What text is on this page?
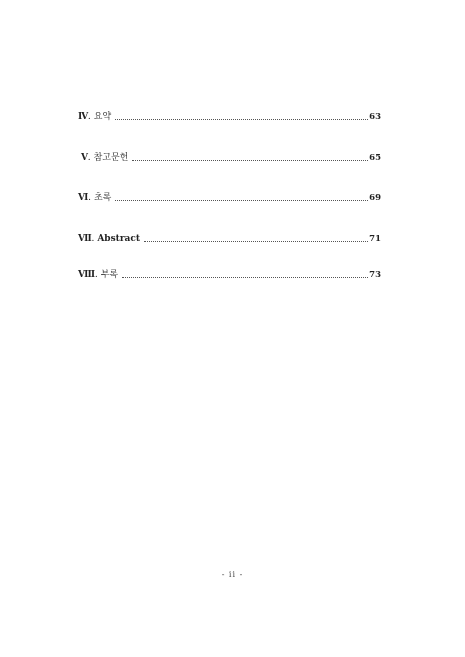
Ⅳ . 요약	63
Ⅴ . 참고문헌	65
Ⅵ . 초록	69
Ⅶ . Abstract	71
Ⅷ . 부록	73
- ii -
